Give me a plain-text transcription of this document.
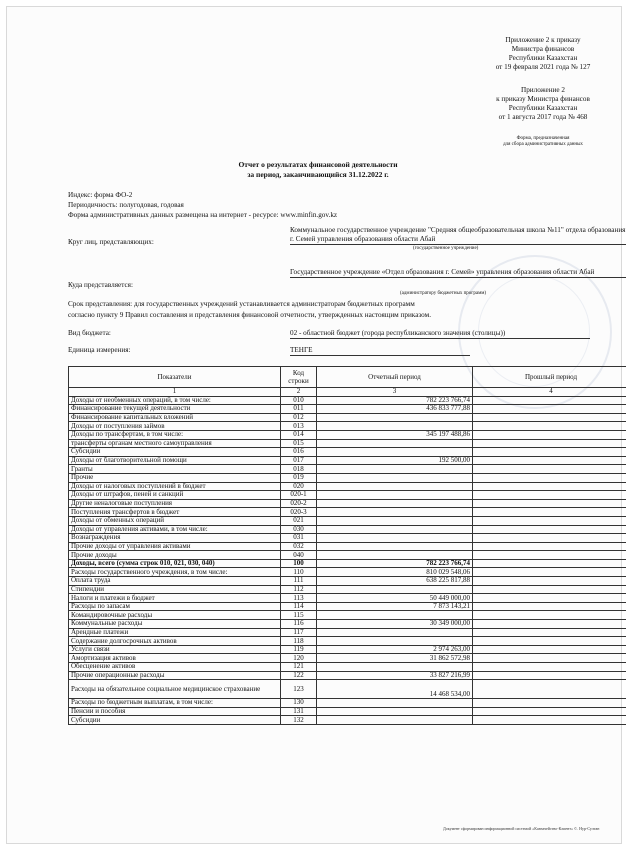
Приложение 2 к приказу
Министра финансов
Республики Казахстан
от 19 февраля 2021 года № 127
Приложение 2
к приказу Министра финансов
Республики Казахстан
от 1 августа 2017 года № 468
Форма, предназначенная
для сбора административных данных
Отчет о результатах финансовой деятельности
за период, заканчивающийся 31.12.2022 г.
Индекс: форма ФО-2
Периодичность: полугодовая, годовая
Форма административных данных размещена на интернет - ресурсе: www.minfin.gov.kz
Круг лиц, представляющих:
Коммунальное государственное учреждение "Средняя общеобразовательная школа №11" отдела образования г. Семей управления образования области Абай
(государственное учреждение)
Куда представляется:
Государственное учреждение «Отдел образования г. Семей» управления образования области Абай
(администратору бюджетных программ)
Срок представления: для государственных учреждений устанавливается администраторам бюджетных программ
согласно пункту 9 Правил составления и представления финансовой отчетности, утвержденных настоящим приказом.
Вид бюджета:	02 - областной бюджет (города республиканского значения (столицы))
Единица измерения:	ТЕНГЕ
Показатели	Код строки	Отчетный период	Прошлый период
1	2	3	4
Доходы от необменных операций, в том числе:	010	782 223 766,74	
Финансирование текущей деятельности	011	436 833 777,88	
Финансирование капитальных вложений	012		
Доходы от поступления займов	013		
Доходы по трансфертам, в том числе:	014	345 197 488,86	
трансферты органам местного самоуправления	015		
Субсидии	016		
Доходы от благотворительной помощи	017	192 500,00	
Гранты	018		
Прочие	019		
Доходы от налоговых поступлений в бюджет	020		
Доходы от штрафов, пеней и санкций	020-1		
Другие неналоговые поступления	020-2		
Поступления трансфертов в бюджет	020-3		
Доходы от обменных операций	021		
Доходы от управления активами, в том числе:	030		
Вознаграждения	031		
Прочие доходы от управления активами	032		
Прочие доходы	040		
Доходы, всего (сумма строк 010, 021, 030, 040)	100	782 223 766,74	
Расходы государственного учреждения, в том числе:	110	810 029 548,06	
Оплата труда	111	638 225 817,88	
Стипендии	112		
Налоги и платежи в бюджет	113	50 449 000,00	
Расходы по запасам	114	7 873 143,21	
Командировочные расходы	115		
Коммунальные расходы	116	30 349 000,00	
Арендные платежи	117		
Содержание долгосрочных активов	118		
Услуги связи	119	2 974 263,00	
Амортизация активов	120	31 862 572,98	
Обесценение активов	121		
Прочие операционные расходы	122	33 827 216,99	
Расходы на обязательное социальное медицинское страхование	123	14 468 534,00	
Расходы по бюджетным выплатам, в том числе:	130		
Пенсии и пособия	131		
Субсидии	132		
Документ сформирован информационной системой «Казначейство-Клиент» ©. Нур-Султан
